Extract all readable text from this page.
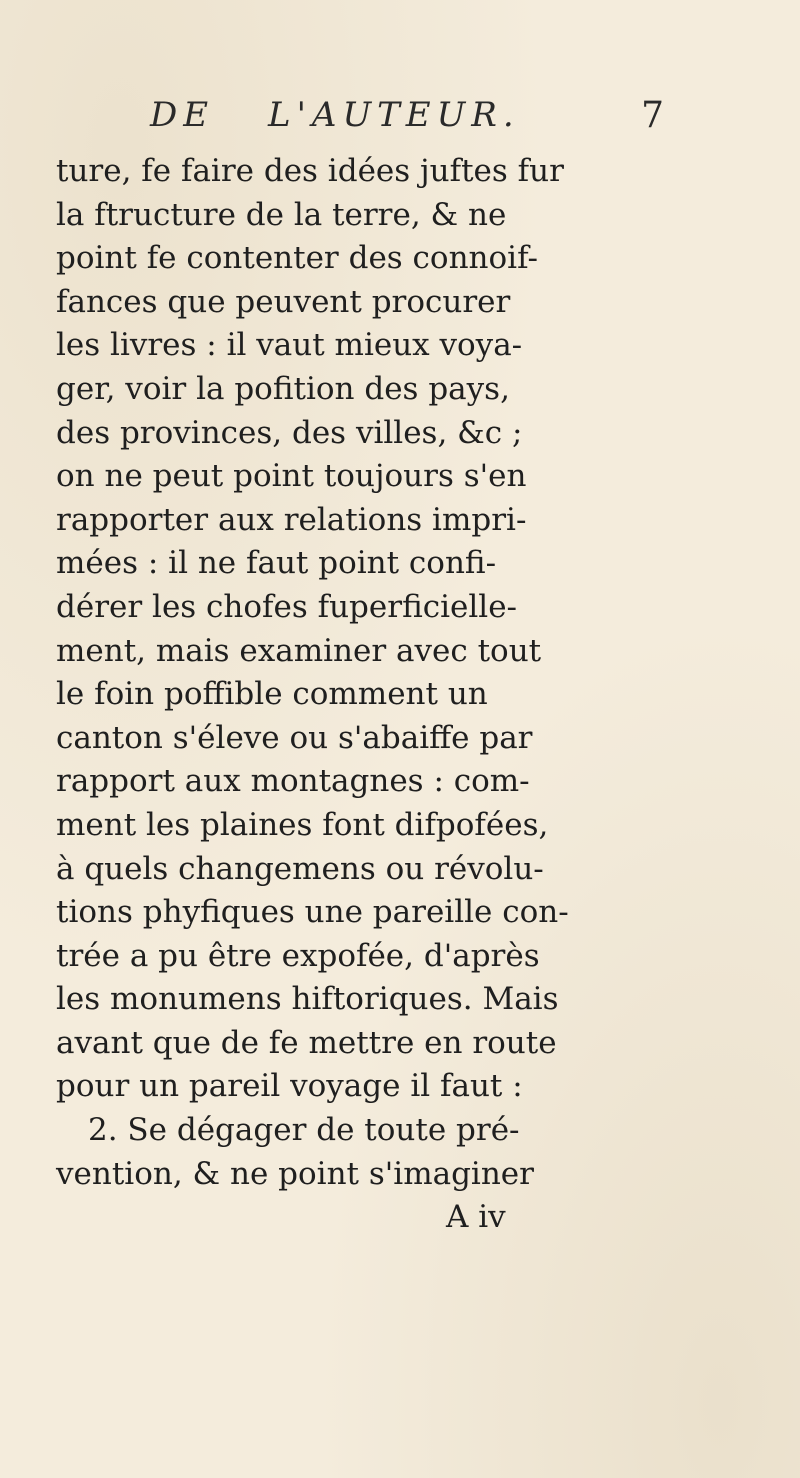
DE L'AUTEUR.	7
ture, fe faire des idées juftes fur
la ftructure de la terre, & ne
point fe contenter des connoif-
fances que peuvent procurer
les livres : il vaut mieux voya-
ger, voir la pofition des pays,
des provinces, des villes, &c ;
on ne peut point toujours s'en
rapporter aux relations impri-
mées : il ne faut point confi-
dérer les chofes fuperficielle-
ment, mais examiner avec tout
le foin poffible comment un
canton s'éleve ou s'abaiffe par
rapport aux montagnes : com-
ment les plaines font difpofées,
à quels changemens ou révolu-
tions phyfiques une pareille con-
trée a pu être expofée, d'après
les monumens hiftoriques. Mais
avant que de fe mettre en route
pour un pareil voyage il faut :
2. Se dégager de toute pré-
vention, & ne point s'imaginer
A iv
